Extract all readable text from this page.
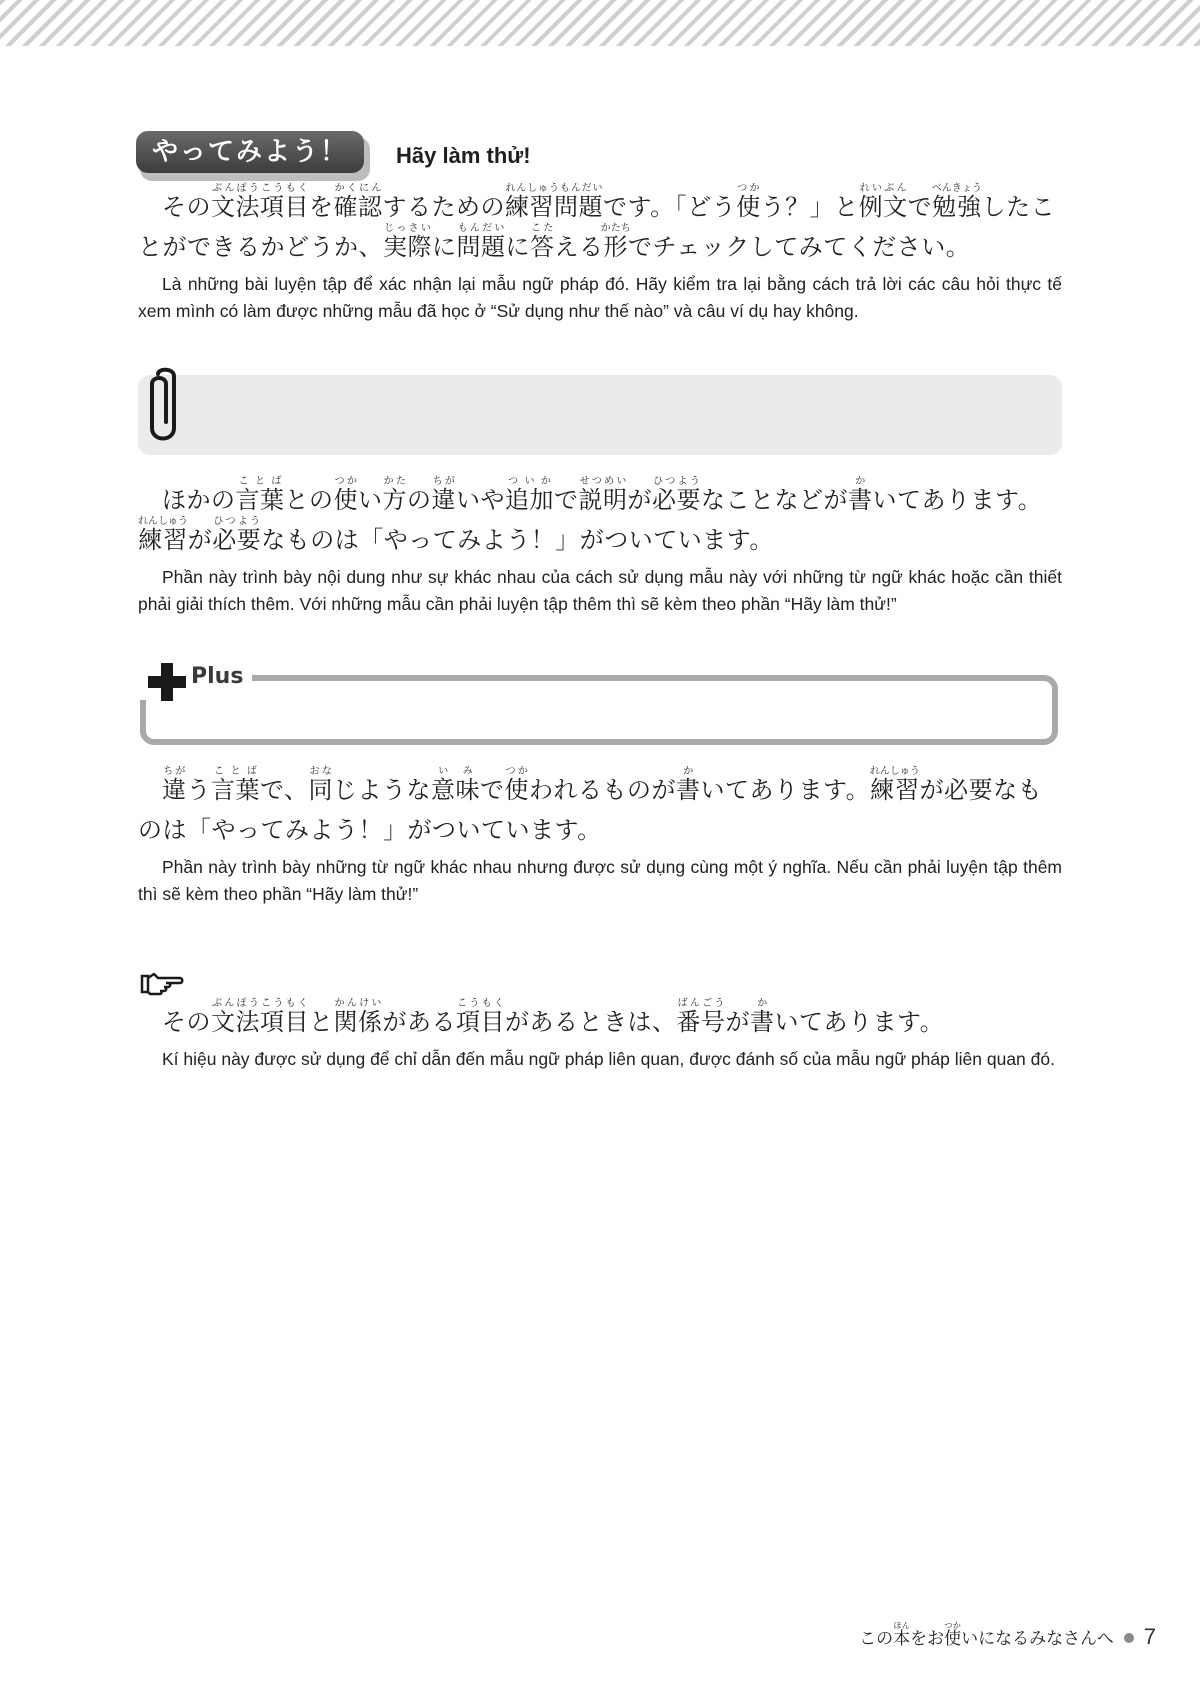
やってみよう！	Hãy làm thử!

その文法項目ぶんぽうこうもくを確認かくにんするための練習問題れんしゅうもんだいです。「どう使つかう？」と例文れいぶんで勉強べんきょうしたことができるかどうか、実際じっさいに問題もんだいに答こたえる形かたちでチェックしてみてください。

Là những bài luyện tập để xác nhận lại mẫu ngữ pháp đó. Hãy kiểm tra lại bằng cách trả lời các câu hỏi thực tế xem mình có làm được những mẫu đã học ở “Sử dụng như thế nào” và câu ví dụ hay không.

ほかの言葉ことばとの使つかい方かたの違ちがいや追加ついかで説明せつめいが必要ひつようなことなどが書かいてあります。練習れんしゅうが必要ひつようなものは「やってみよう！」がついています。

Phần này trình bày nội dung như sự khác nhau của cách sử dụng mẫu này với những từ ngữ khác hoặc cần thiết phải giải thích thêm. Với những mẫu cần phải luyện tập thêm thì sẽ kèm theo phần “Hãy làm thử!”

Plus

違ちがう言葉ことばで、同おなじような意味いみで使つかわれるものが書かいてあります。練習れんしゅうが必要なものは「やってみよう！」がついています。

Phần này trình bày những từ ngữ khác nhau nhưng được sử dụng cùng một ý nghĩa. Nếu cần phải luyện tập thêm thì sẽ kèm theo phần “Hãy làm thử!”

その文法項目ぶんぽうこうもくと関係かんけいがある項目こうもくがあるときは、番号ばんごうが書かいてあります。

Kí hiệu này được sử dụng để chỉ dẫn đến mẫu ngữ pháp liên quan, được đánh số của mẫu ngữ pháp liên quan đó.

この本ほんをお使つかいになるみなさんへ 7
